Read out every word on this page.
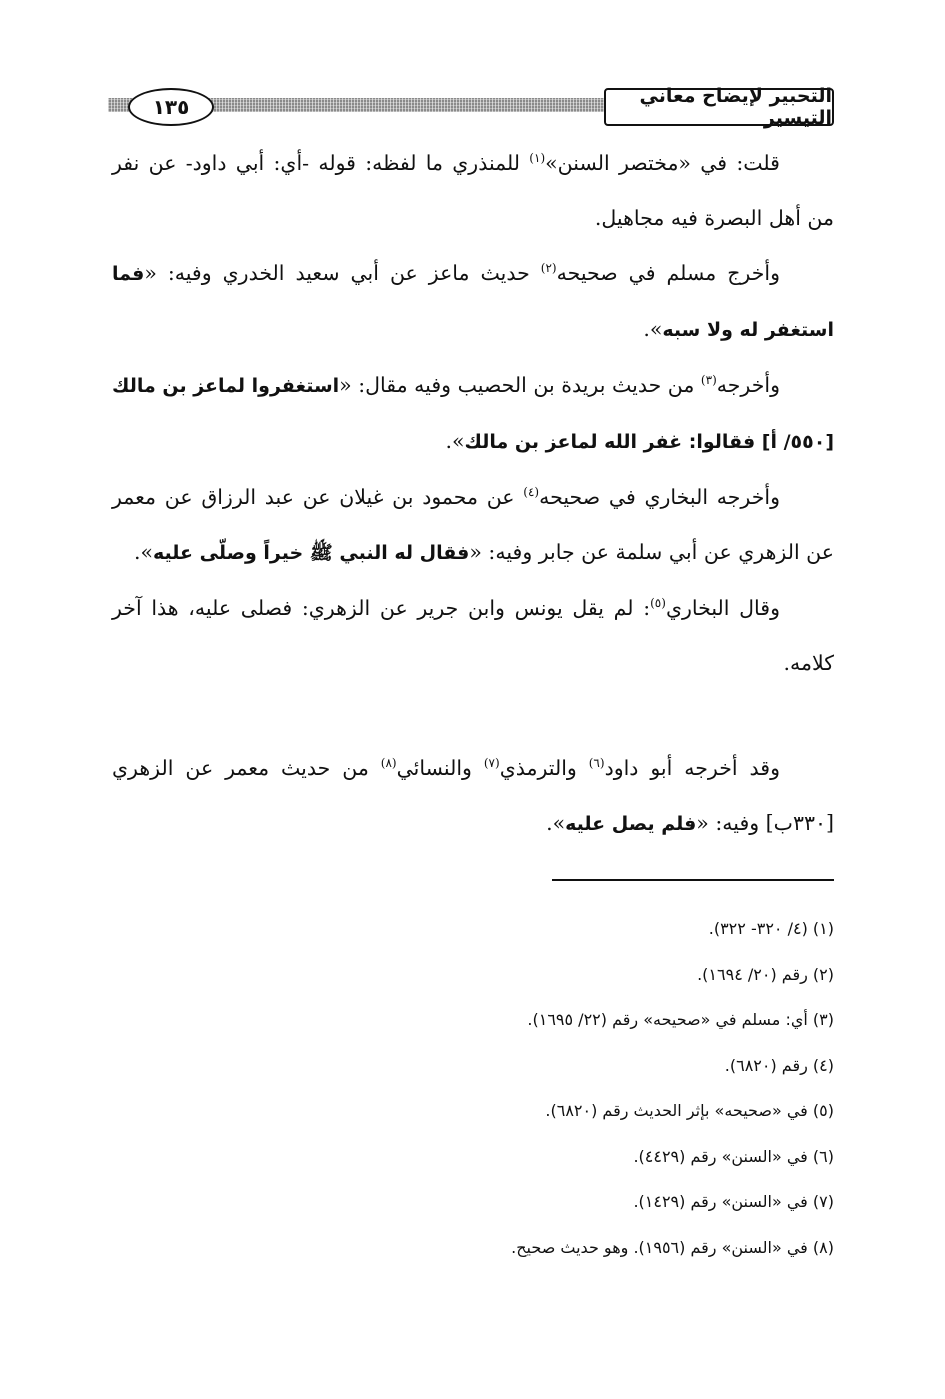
التحبير لإيضاح معاني التيسير
١٣٥

قلت: في «مختصر السنن»$^{(١)}$ للمنذري ما لفظه: قوله -أي: أبي داود- عن نفر من أهل البصرة فيه مجاهيل.

وأخرج مسلم في صحيحه$^{(٢)}$ حديث ماعز عن أبي سعيد الخدري وفيه: «فما استغفر له ولا سبه».

وأخرجه$^{(٣)}$ من حديث بريدة بن الحصيب وفيه مقال: «استغفروا لماعز بن مالك [٥٥٠/ أ] فقالوا: غفر الله لماعز بن مالك».

وأخرجه البخاري في صحيحه$^{(٤)}$ عن محمود بن غيلان عن عبد الرزاق عن معمر عن الزهري عن أبي سلمة عن جابر وفيه: «فقال له النبي ﷺ خيراً وصلّى عليه».

وقال البخاري$^{(٥)}$: لم يقل يونس وابن جرير عن الزهري: فصلى عليه، هذا آخر كلامه.

وقد أخرجه أبو داود$^{(٦)}$ والترمذي$^{(٧)}$ والنسائي$^{(٨)}$ من حديث معمر عن الزهري [٣٣٠ب] وفيه: «فلم يصل عليه».

(١) (٤/ ٣٢٠- ٣٢٢).

(٢) رقم (٢٠/ ١٦٩٤).

(٣) أي: مسلم في «صحيحه» رقم (٢٢/ ١٦٩٥).

(٤) رقم (٦٨٢٠).

(٥) في «صحيحه» بإثر الحديث رقم (٦٨٢٠).

(٦) في «السنن» رقم (٤٤٢٩).

(٧) في «السنن» رقم (١٤٢٩).

(٨) في «السنن» رقم (١٩٥٦). وهو حديث صحيح.
